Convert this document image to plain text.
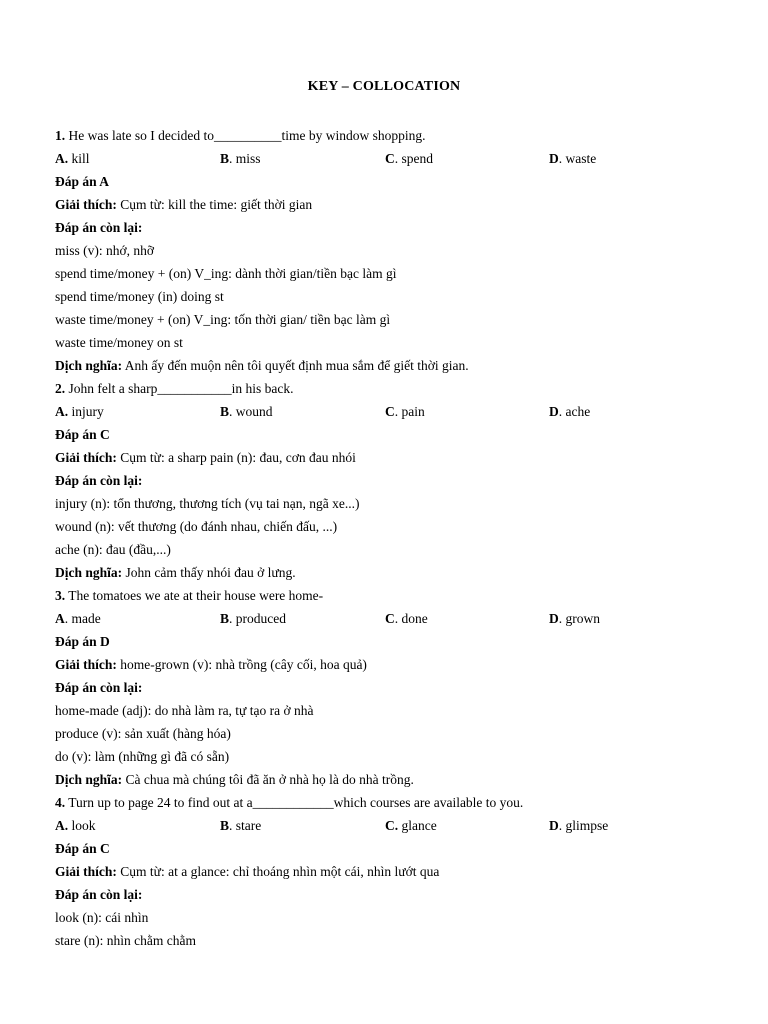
KEY – COLLOCATION
1. He was late so I decided to__________time by window shopping.
A. kill	B. miss	C. spend	D. waste
Đáp án A
Giải thích: Cụm từ: kill the time: giết thời gian
Đáp án còn lại:
miss (v): nhớ, nhỡ
spend time/money + (on) V_ing: dành thời gian/tiền bạc làm gì
spend time/money (in) doing st
waste time/money + (on) V_ing: tốn thời gian/ tiền bạc làm gì
waste time/money on st
Dịch nghĩa: Anh ấy đến muộn nên tôi quyết định mua sắm để giết thời gian.
2. John felt a sharp___________in his back.
A. injury	B. wound	C. pain	D. ache
Đáp án C
Giải thích: Cụm từ: a sharp pain (n): đau, cơn đau nhói
Đáp án còn lại:
injury (n): tổn thương, thương tích (vụ tai nạn, ngã xe...)
wound (n): vết thương (do đánh nhau, chiến đấu, ...)
ache (n): đau (đầu,...)
Dịch nghĩa: John cảm thấy nhói đau ở lưng.
3. The tomatoes we ate at their house were home-
A. made	B. produced	C. done	D. grown
Đáp án D
Giải thích: home-grown (v): nhà trồng (cây cối, hoa quả)
Đáp án còn lại:
home-made (adj): do nhà làm ra, tự tạo ra ở nhà
produce (v): sản xuất (hàng hóa)
do (v): làm (những gì đã có sẵn)
Dịch nghĩa: Cà chua mà chúng tôi đã ăn ở nhà họ là do nhà trồng.
4. Turn up to page 24 to find out at a____________which courses are available to you.
A. look	B. stare	C. glance	D. glimpse
Đáp án C
Giải thích: Cụm từ: at a glance: chỉ thoáng nhìn một cái, nhìn lướt qua
Đáp án còn lại:
look (n): cái nhìn
stare (n): nhìn chằm chằm
